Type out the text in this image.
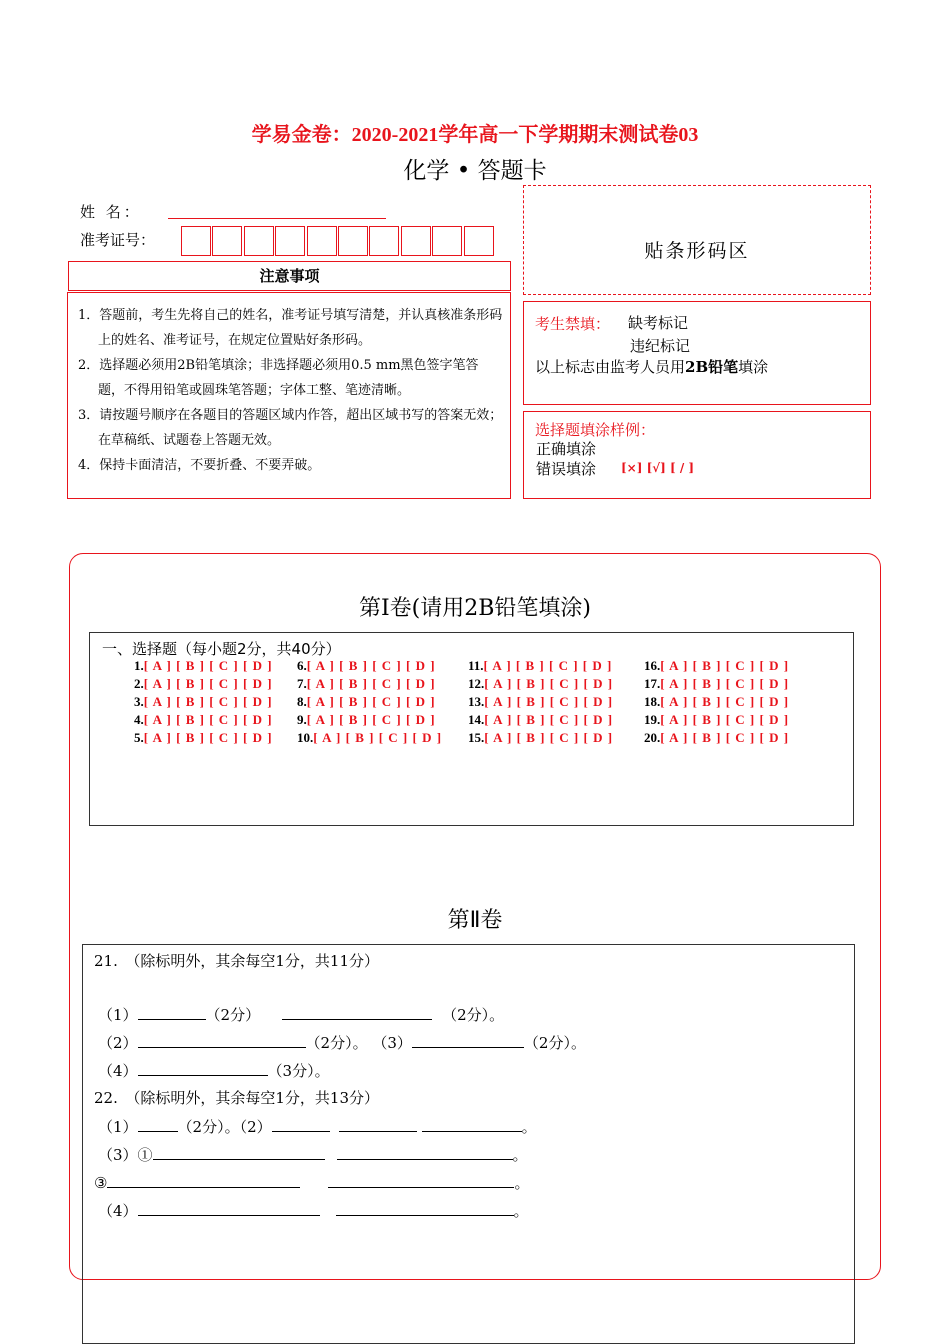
学易金卷：2020-2021学年高一下学期期末测试卷03
化学 • 答题卡
姓 名：
准考证号：
注意事项
1．答题前，考生先将自己的姓名，准考证号填写清楚，并认真核准条形码上的姓名、准考证号，在规定位置贴好条形码。
2．选择题必须用2B铅笔填涂；非选择题必须用0.5 mm黑色签字笔答题，不得用铅笔或圆珠笔答题；字体工整、笔迹清晰。
3．请按题号顺序在各题目的答题区域内作答，超出区域书写的答案无效；在草稿纸、试题卷上答题无效。
4．保持卡面清洁，不要折叠、不要弄破。
贴条形码区
考生禁填： 缺考标记
违纪标记
以上标志由监考人员用2B铅笔填涂
选择题填涂样例：
正确填涂
错误填涂 [×] [√] [ / ]
第Ⅰ卷(请用2B铅笔填涂)
一、选择题（每小题2分，共40分）
1.[ A ] [ B ] [ C ] [ D ]
2.[ A ] [ B ] [ C ] [ D ]
3.[ A ] [ B ] [ C ] [ D ]
4.[ A ] [ B ] [ C ] [ D ]
5.[ A ] [ B ] [ C ] [ D ]
6.[ A ] [ B ] [ C ] [ D ]
7.[ A ] [ B ] [ C ] [ D ]
8.[ A ] [ B ] [ C ] [ D ]
9.[ A ] [ B ] [ C ] [ D ]
10.[ A ] [ B ] [ C ] [ D ]
11.[ A ] [ B ] [ C ] [ D ]
12.[ A ] [ B ] [ C ] [ D ]
13.[ A ] [ B ] [ C ] [ D ]
14.[ A ] [ B ] [ C ] [ D ]
15.[ A ] [ B ] [ C ] [ D ]
16.[ A ] [ B ] [ C ] [ D ]
17.[ A ] [ B ] [ C ] [ D ]
18.[ A ] [ B ] [ C ] [ D ]
19.[ A ] [ B ] [ C ] [ D ]
20.[ A ] [ B ] [ C ] [ D ]
第Ⅱ卷
21.　（除标明外，其余每空1分，共11分）
（1）	（2分）	（2分）。
（2）	（2分）。 （3）	（2分）。
（4）	（3分）。
22.　（除标明外，其余每空1分，共13分）
（1）	（2分）。（2）	。
（3）①	。
③	。
（4）	。
